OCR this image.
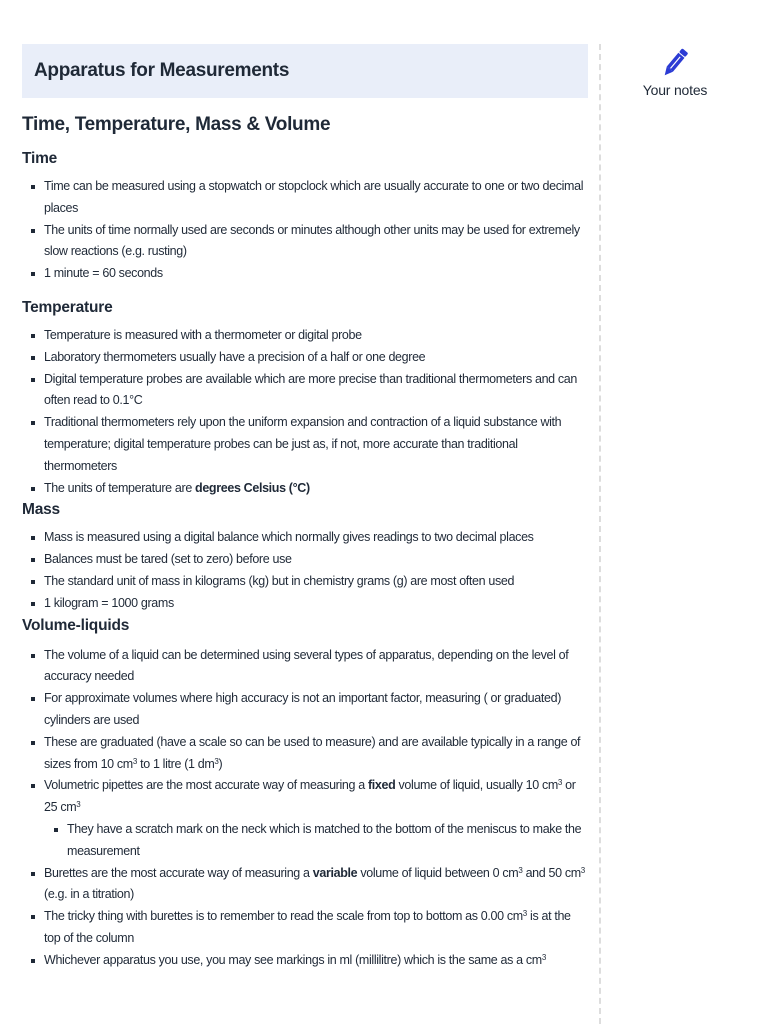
Apparatus for Measurements
Time, Temperature, Mass & Volume
Time
Time can be measured using a stopwatch or stopclock which are usually accurate to one or two decimal places
The units of time normally used are seconds or minutes although other units may be used for extremely slow reactions (e.g. rusting)
1 minute = 60 seconds
Temperature
Temperature is measured with a thermometer or digital probe
Laboratory thermometers usually have a precision of a half or one degree
Digital temperature probes are available which are more precise than traditional thermometers and can often read to 0.1°C
Traditional thermometers rely upon the uniform expansion and contraction of a liquid substance with temperature; digital temperature probes can be just as, if not, more accurate than traditional thermometers
The units of temperature are degrees Celsius (°C)
Mass
Mass is measured using a digital balance which normally gives readings to two decimal places
Balances must be tared (set to zero) before use
The standard unit of mass in kilograms (kg) but in chemistry grams (g) are most often used
1 kilogram = 1000 grams
Volume-liquids
The volume of a liquid can be determined using several types of apparatus, depending on the level of accuracy needed
For approximate volumes where high accuracy is not an important factor, measuring ( or graduated) cylinders are used
These are graduated (have a scale so can be used to measure) and are available typically in a range of sizes from 10 $cm^3$ to 1 litre (1 $dm^3$)
Volumetric pipettes are the most accurate way of measuring a fixed volume of liquid, usually 10 $cm^3$ or 25 $cm^3$
They have a scratch mark on the neck which is matched to the bottom of the meniscus to make the measurement
Burettes are the most accurate way of measuring a variable volume of liquid between 0 $cm^3$ and 50 $cm^3$ (e.g. in a titration)
The tricky thing with burettes is to remember to read the scale from top to bottom as 0.00 $cm^3$ is at the top of the column
Whichever apparatus you use, you may see markings in ml (millilitre) which is the same as a $cm^3$
Your notes
